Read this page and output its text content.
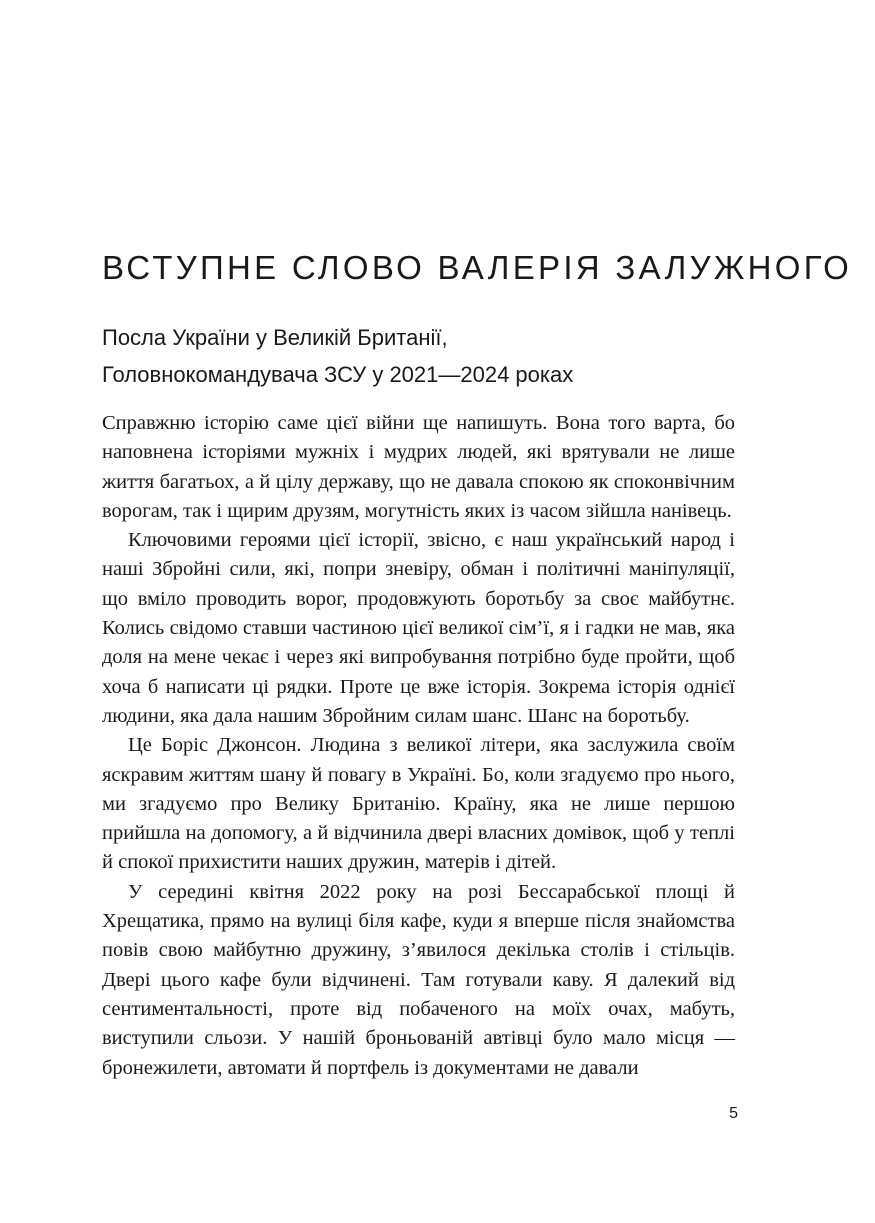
ВСТУПНЕ СЛОВО ВАЛЕРІЯ ЗАЛУЖНОГО
Посла України у Великій Британії,
Головнокомандувача ЗСУ у 2021—2024 роках

Справжню історію саме цієї війни ще напишуть. Вона того варта, бо наповнена історіями мужніх і мудрих людей, які врятували не лише життя багатьох, а й цілу державу, що не давала спокою як споконвічним ворогам, так і щирим друзям, могутність яких із часом зійшла нанівець.

Ключовими героями цієї історії, звісно, є наш український народ і наші Збройні сили, які, попри зневіру, обман і політичні маніпуляції, що вміло проводить ворог, продовжують боротьбу за своє майбутнє. Колись свідомо ставши частиною цієї великої сім’ї, я і гадки не мав, яка доля на мене чекає і через які випробування потрібно буде пройти, щоб хоча б написати ці рядки. Проте це вже історія. Зокрема історія однієї людини, яка дала нашим Збройним силам шанс. Шанс на боротьбу.

Це Боріс Джонсон. Людина з великої літери, яка заслужила своїм яскравим життям шану й повагу в Україні. Бо, коли згадуємо про нього, ми згадуємо про Велику Британію. Країну, яка не лише першою прийшла на допомогу, а й відчинила двері власних домівок, щоб у теплі й спокої прихистити наших дружин, матерів і дітей.

У середині квітня 2022 року на розі Бессарабської площі й Хрещатика, прямо на вулиці біля кафе, куди я вперше після знайомства повів свою майбутню дружину, з’явилося декілька столів і стільців. Двері цього кафе були відчинені. Там готували каву. Я далекий від сентиментальності, проте від побаченого на моїх очах, мабуть, виступили сльози. У нашій броньованій автівці було мало місця — бронежилети, автомати й портфель із документами не давали

5
